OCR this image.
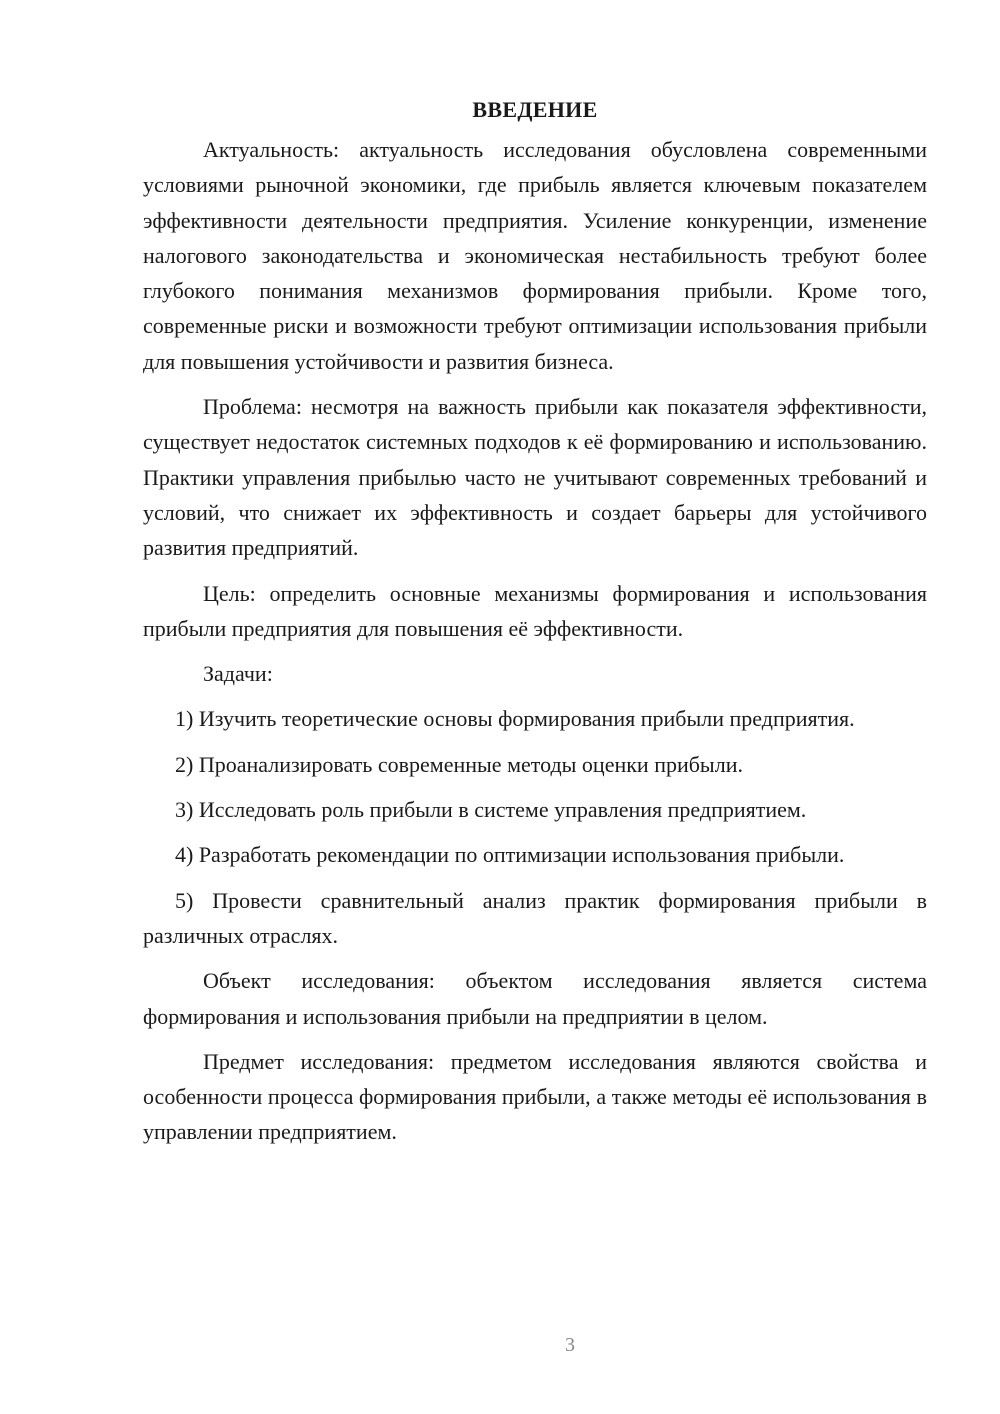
ВВЕДЕНИЕ

Актуальность: актуальность исследования обусловлена современными условиями рыночной экономики, где прибыль является ключевым показателем эффективности деятельности предприятия. Усиление конкуренции, изменение налогового законодательства и экономическая нестабильность требуют более глубокого понимания механизмов формирования прибыли. Кроме того, современные риски и возможности требуют оптимизации использования прибыли для повышения устойчивости и развития бизнеса.

Проблема: несмотря на важность прибыли как показателя эффективности, существует недостаток системных подходов к её формированию и использованию. Практики управления прибылью часто не учитывают современных требований и условий, что снижает их эффективность и создает барьеры для устойчивого развития предприятий.

Цель: определить основные механизмы формирования и использования прибыли предприятия для повышения её эффективности.

Задачи:

1) Изучить теоретические основы формирования прибыли предприятия.

2) Проанализировать современные методы оценки прибыли.

3) Исследовать роль прибыли в системе управления предприятием.

4) Разработать рекомендации по оптимизации использования прибыли.

5) Провести сравнительный анализ практик формирования прибыли в различных отраслях.

Объект исследования: объектом исследования является система формирования и использования прибыли на предприятии в целом.

Предмет исследования: предметом исследования являются свойства и особенности процесса формирования прибыли, а также методы её использования в управлении предприятием.

3
